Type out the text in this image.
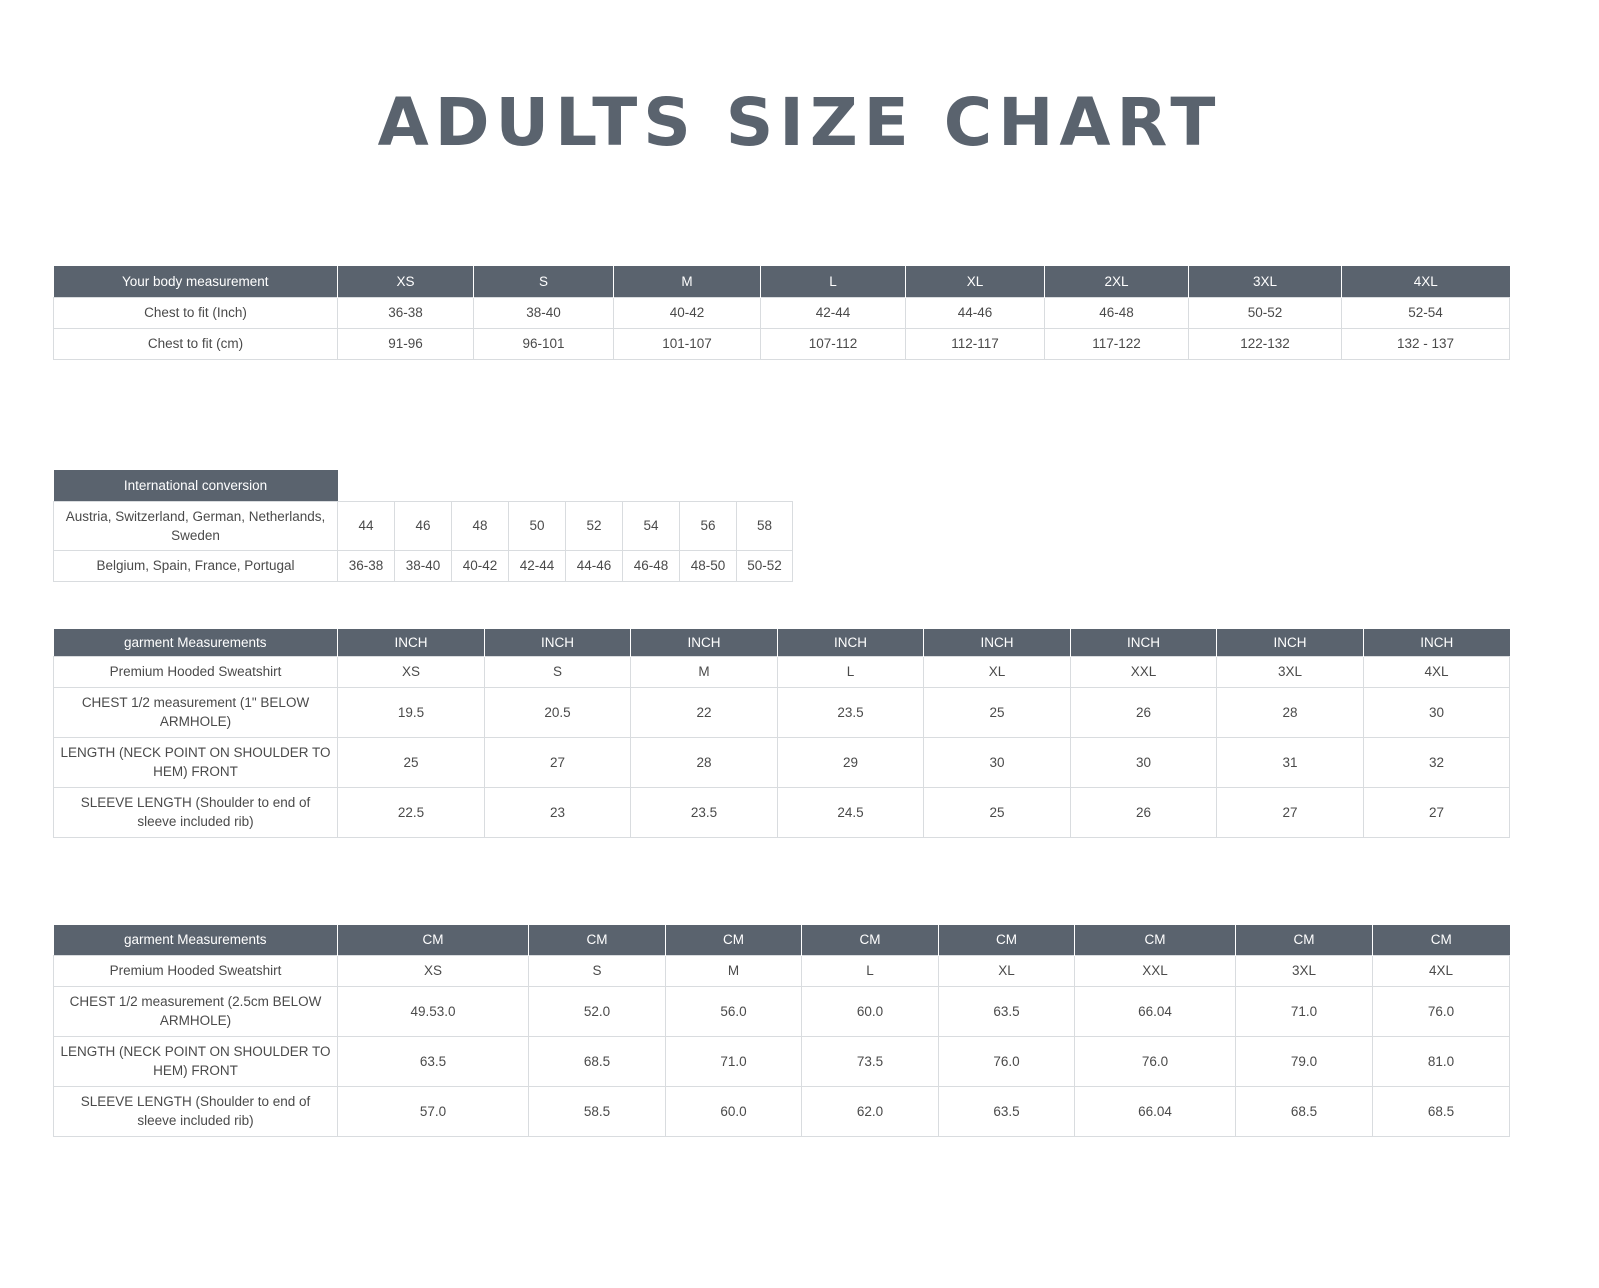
ADULTS SIZE CHART
Your body measurement	XS	S	M	L	XL	2XL	3XL	4XL
Chest to fit (Inch)	36-38	38-40	40-42	42-44	44-46	46-48	50-52	52-54
Chest to fit (cm)	91-96	96-101	101-107	107-112	112-117	117-122	122-132	132 - 137
International conversion								
Austria, Switzerland, German, Netherlands, Sweden	44	46	48	50	52	54	56	58
Belgium, Spain, France, Portugal	36-38	38-40	40-42	42-44	44-46	46-48	48-50	50-52
garment Measurements	INCH	INCH	INCH	INCH	INCH	INCH	INCH	INCH
Premium Hooded Sweatshirt	XS	S	M	L	XL	XXL	3XL	4XL
CHEST 1/2 measurement (1" BELOW ARMHOLE)	19.5	20.5	22	23.5	25	26	28	30
LENGTH (NECK POINT ON SHOULDER TO HEM) FRONT	25	27	28	29	30	30	31	32
SLEEVE LENGTH (Shoulder to end of sleeve included rib)	22.5	23	23.5	24.5	25	26	27	27
garment Measurements	CM	CM	CM	CM	CM	CM	CM	CM
Premium Hooded Sweatshirt	XS	S	M	L	XL	XXL	3XL	4XL
CHEST 1/2 measurement (2.5cm BELOW ARMHOLE)	49.53.0	52.0	56.0	60.0	63.5	66.04	71.0	76.0
LENGTH (NECK POINT ON SHOULDER TO HEM) FRONT	63.5	68.5	71.0	73.5	76.0	76.0	79.0	81.0
SLEEVE LENGTH (Shoulder to end of sleeve included rib)	57.0	58.5	60.0	62.0	63.5	66.04	68.5	68.5
